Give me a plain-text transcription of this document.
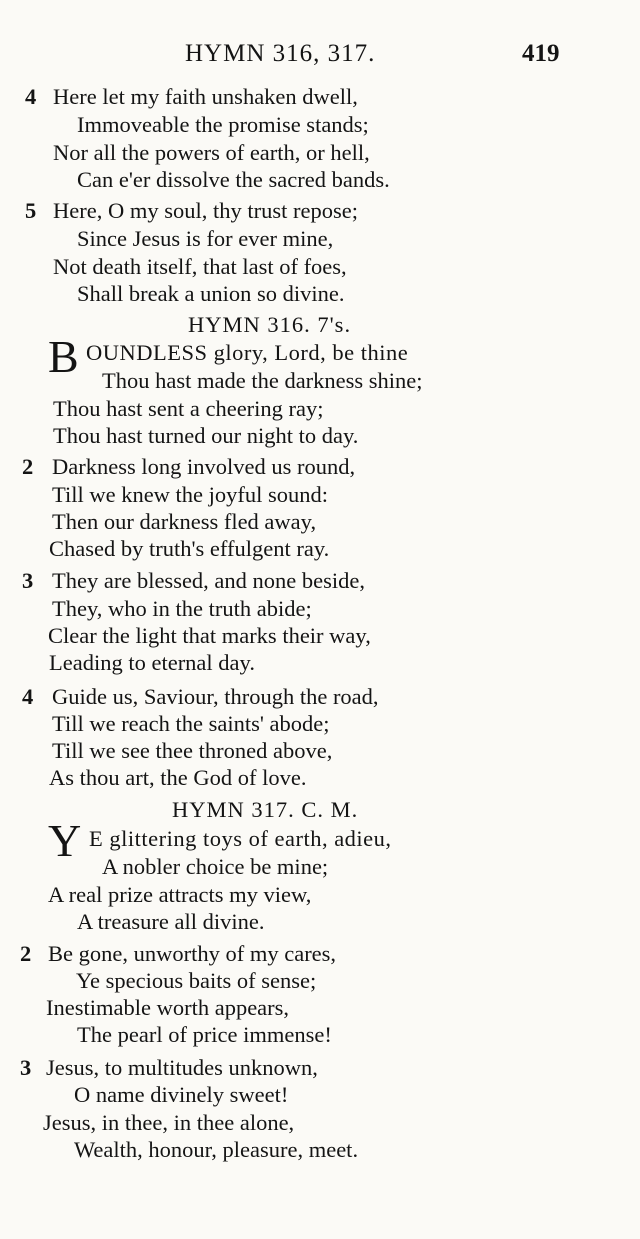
HYMN 316, 317.	419
4 Here let my faith unshaken dwell,
Immoveable the promise stands;
Nor all the powers of earth, or hell,
Can e'er dissolve the sacred bands.
5 Here, O my soul, thy trust repose;
Since Jesus is for ever mine,
Not death itself, that last of foes,
Shall break a union so divine.
HYMN 316. 7's.
B OUNDLESS glory, Lord, be thine
Thou hast made the darkness shine;
Thou hast sent a cheering ray;
Thou hast turned our night to day.
2 Darkness long involved us round,
Till we knew the joyful sound:
Then our darkness fled away,
Chased by truth's effulgent ray.
3 They are blessed, and none beside,
They, who in the truth abide;
Clear the light that marks their way,
Leading to eternal day.
4 Guide us, Saviour, through the road,
Till we reach the saints' abode;
Till we see thee throned above,
As thou art, the God of love.
HYMN 317. C. M.
Y E glittering toys of earth, adieu,
A nobler choice be mine;
A real prize attracts my view,
A treasure all divine.
2 Be gone, unworthy of my cares,
Ye specious baits of sense;
Inestimable worth appears,
The pearl of price immense!
3 Jesus, to multitudes unknown,
O name divinely sweet!
Jesus, in thee, in thee alone,
Wealth, honour, pleasure, meet.
